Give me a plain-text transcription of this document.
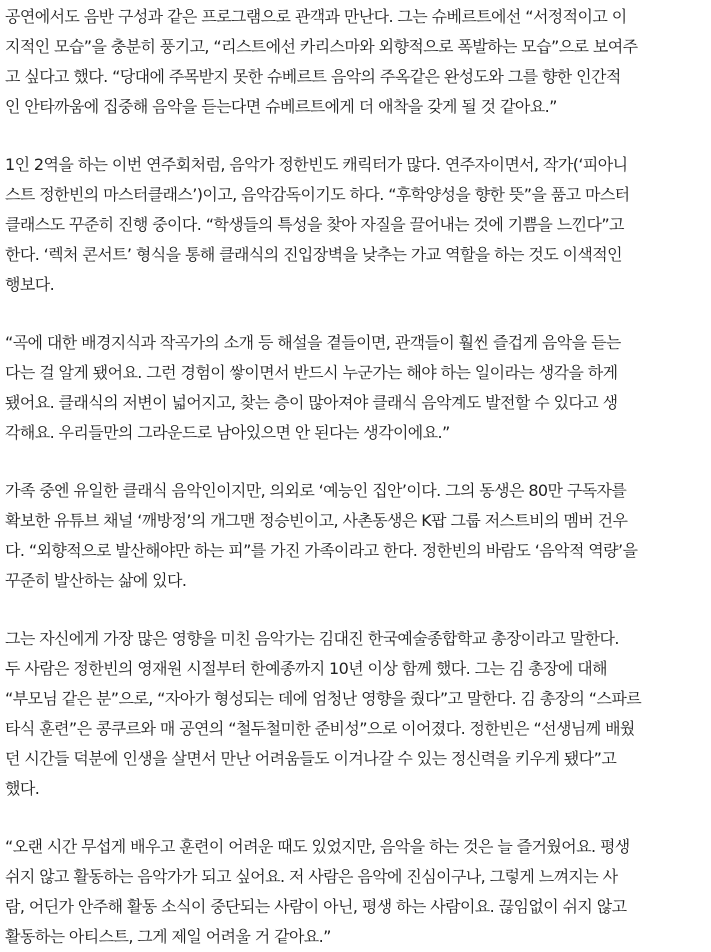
공연에서도 음반 구성과 같은 프로그램으로 관객과 만난다. 그는 슈베르트에선 “서정적이고 이
지적인 모습”을 충분히 풍기고, “리스트에선 카리스마와 외향적으로 폭발하는 모습”으로 보여주
고 싶다고 했다. “당대에 주목받지 못한 슈베르트 음악의 주옥같은 완성도와 그를 향한 인간적
인 안타까움에 집중해 음악을 듣는다면 슈베르트에게 더 애착을 갖게 될 것 같아요.”

1인 2역을 하는 이번 연주회처럼, 음악가 정한빈도 캐릭터가 많다. 연주자이면서, 작가(‘피아니
스트 정한빈의 마스터클래스’)이고, 음악감독이기도 하다. “후학양성을 향한 뜻”을 품고 마스터
클래스도 꾸준히 진행 중이다. “학생들의 특성을 찾아 자질을 끌어내는 것에 기쁨을 느낀다”고
한다. ‘렉처 콘서트’ 형식을 통해 클래식의 진입장벽을 낮추는 가교 역할을 하는 것도 이색적인
행보다.

“곡에 대한 배경지식과 작곡가의 소개 등 해설을 곁들이면, 관객들이 훨씬 즐겁게 음악을 듣는
다는 걸 알게 됐어요. 그런 경험이 쌓이면서 반드시 누군가는 해야 하는 일이라는 생각을 하게
됐어요. 클래식의 저변이 넓어지고, 찾는 층이 많아져야 클래식 음악계도 발전할 수 있다고 생
각해요. 우리들만의 그라운드로 남아있으면 안 된다는 생각이에요.”

가족 중엔 유일한 클래식 음악인이지만, 의외로 ‘예능인 집안’이다. 그의 동생은 80만 구독자를
확보한 유튜브 채널 ‘깨방정’의 개그맨 정승빈이고, 사촌동생은 K팝 그룹 저스트비의 멤버 건우
다. “외향적으로 발산해야만 하는 피”를 가진 가족이라고 한다. 정한빈의 바람도 ‘음악적 역량’을
꾸준히 발산하는 삶에 있다.

그는 자신에게 가장 많은 영향을 미친 음악가는 김대진 한국예술종합학교 총장이라고 말한다.
두 사람은 정한빈의 영재원 시절부터 한예종까지 10년 이상 함께 했다. 그는 김 총장에 대해
“부모님 같은 분”으로, “자아가 형성되는 데에 엄청난 영향을 줬다”고 말한다. 김 총장의 “스파르
타식 훈련”은 콩쿠르와 매 공연의 “철두철미한 준비성”으로 이어졌다. 정한빈은 “선생님께 배웠
던 시간들 덕분에 인생을 살면서 만난 어려움들도 이겨나갈 수 있는 정신력을 키우게 됐다”고
했다.

“오랜 시간 무섭게 배우고 훈련이 어려운 때도 있었지만, 음악을 하는 것은 늘 즐거웠어요. 평생
쉬지 않고 활동하는 음악가가 되고 싶어요. 저 사람은 음악에 진심이구나, 그렇게 느껴지는 사
람, 어딘가 안주해 활동 소식이 중단되는 사람이 아닌, 평생 하는 사람이요. 끊임없이 쉬지 않고
활동하는 아티스트, 그게 제일 어려울 거 같아요.”
